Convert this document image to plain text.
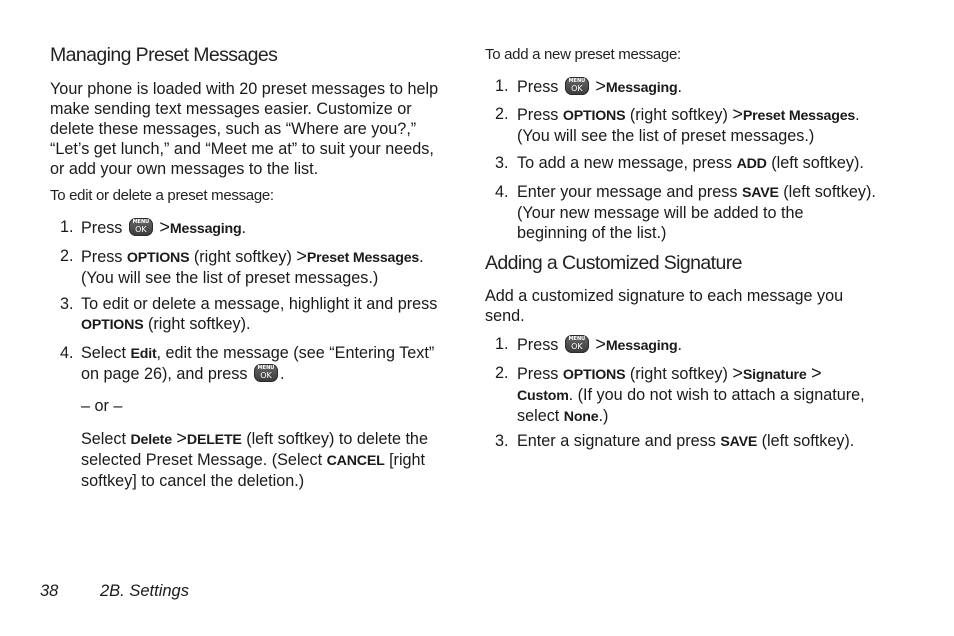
Managing Preset Messages

Your phone is loaded with 20 preset messages to help
make sending text messages easier. Customize or
delete these messages, such as “Where are you?,”
“Let’s get lunch,” and “Meet me at” to suit your needs,
or add your own messages to the list.

To edit or delete a preset message:
1. Press	MENU
OK >Messaging.
2. Press OPTIONS (right softkey) >Preset Messages.
(You will see the list of preset messages.)
3. To edit or delete a message, highlight it and press
OPTIONS (right softkey).
4. Select Edit, edit the message (see “Entering Text”
on page 26), and press	MENU
OK .
– or –
Select Delete >DELETE (left softkey) to delete the
selected Preset Message. (Select CANCEL [right
softkey] to cancel the deletion.)
To add a new preset message:
1. Press	MENU
OK >Messaging.
2. Press OPTIONS (right softkey) >Preset Messages.
(You will see the list of preset messages.)
3. To add a new message, press ADD (left softkey).
4. Enter your message and press SAVE (left softkey).
(Your new message will be added to the
beginning of the list.)
Adding a Customized Signature

Add a customized signature to each message you
send.

1. Press	MENU
OK >Messaging.
2. Press OPTIONS (right softkey) >Signature >
Custom. (If you do not wish to attach a signature,
select None.)
3. Enter a signature and press SAVE (left softkey).
38	2B. Settings
